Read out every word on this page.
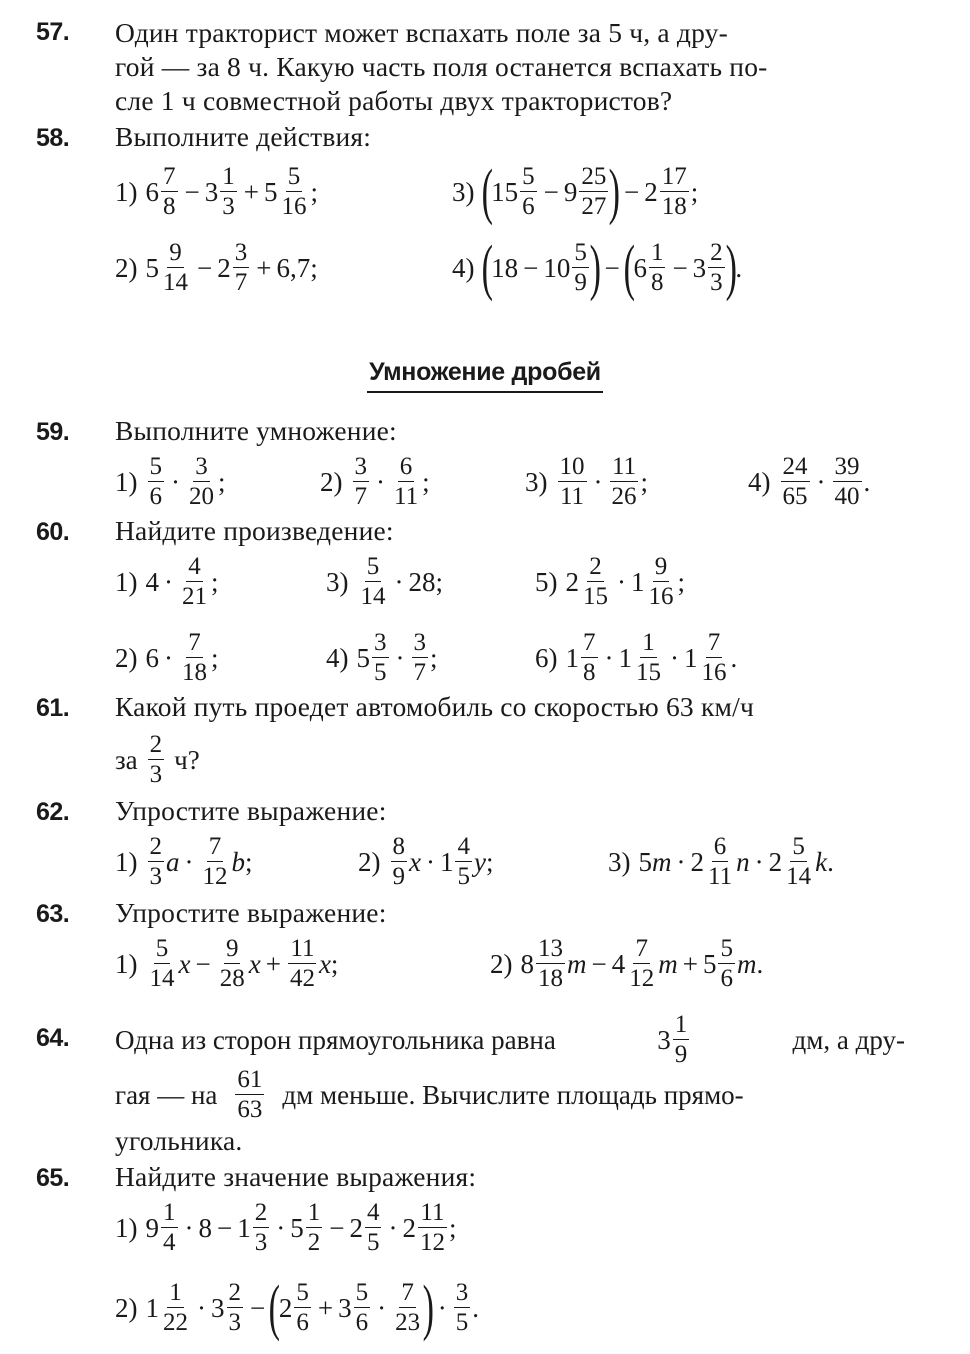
57. Один тракторист может вспахать поле за 5 ч, а дру-
гой — за 8 ч. Какую часть поля останется вспахать по-
сле 1 ч совместной работы двух трактористов?
58. Выполните действия:
1) $6 \frac{7}{8} - 3 \frac{1}{3} + 5 \frac{5}{16}$ ;
2) $5 \frac{9}{14} - 2 \frac{3}{7} + 6,7$;
3) (
$15 \frac{5}{6} - 9 \frac{25}{27}$ ) − $2 \frac{17}{18}$ ;
4) (
$18 - 10 \frac{5}{9}$ ) − (
$6 \frac{1}{8} - 3 \frac{2}{3}$ )
.
Умножение дробей
59. Выполните умножение:
$1) \frac{5}{6} \cdot \frac{3}{20}$ ;	$2) \frac{3}{7} \cdot \frac{6}{11}$ ;	$3) \frac{10}{11} \cdot \frac{11}{26}$ ;	$4) \frac{24}{65} \cdot \frac{39}{40}$ .
60. Найдите произведение:
1) $4 \cdot \frac{4}{21}$ ;
2) $6 \cdot \frac{7}{18}$ ;
$3) \frac{5}{14} \cdot 28$;
4) $5 \frac{3}{5} \cdot \frac{3}{7}$ ;
5) $2 \frac{2}{15} \cdot 1 \frac{9}{16}$ ;
6) $1 \frac{7}{8} \cdot 1 \frac{1}{15} \cdot 1 \frac{7}{16}$ .
61. Какой путь проедет автомобиль со скоростью 63 км/ч
за $\frac{2}{3} ч$?
62. Упростите выражение:
$1) \frac{2}{3}$ $a \cdot \frac{7}{12}$ b ;	$2) \frac{8}{9}$ $x \cdot 1 \frac{4}{5}$ y ;	3) 5 $m \cdot 2 \frac{6}{11}$ $n \cdot 2 \frac{5}{14}$ k .
63. Упростите выражение:
$1) \frac{5}{14}$ $x - \frac{9}{28}$ $x + \frac{11}{42}$ x ;	2) $8 \frac{13}{18}$ $m - 4 \frac{7}{12}$ $m + 5 \frac{5}{6}$ m .
64. Одна из сторон прямоугольника равна	$3 \frac{1}{9}$	дм, а дру-
гая — на $\frac{61}{63}$ дм меньше. Вычислите площадь прямо-
угольника.
65. Найдите значение выражения:
1) $9 \frac{1}{4} \cdot 8 - 1 \frac{2}{3} \cdot 5 \frac{1}{2} - 2 \frac{4}{5} \cdot 2 \frac{11}{12}$ ;
2) $1 \frac{1}{22} \cdot 3 \frac{2}{3}$ − (
$2 \frac{5}{6} + 3 \frac{5}{6} \cdot \frac{7}{23}$ ) · $\frac{3}{5}$ .
